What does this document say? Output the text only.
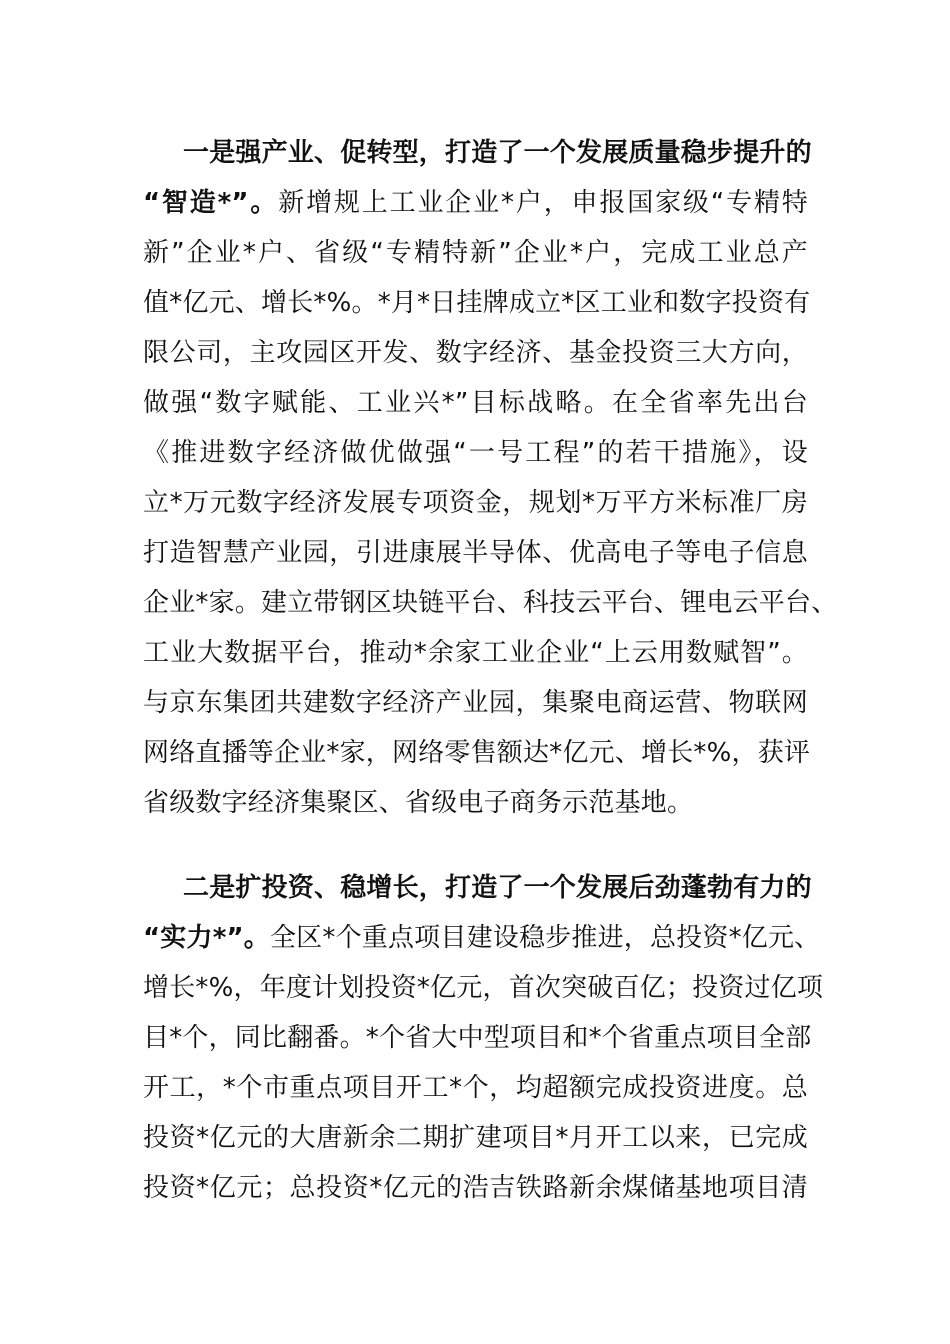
一是强产业、促转型，打造了一个发展质量稳步提升的
“智造*”。新增规上工业企业*户，申报国家级“专精特
新”企业*户、省级“专精特新”企业*户，完成工业总产
值*亿元、增长*%。*月*日挂牌成立*区工业和数字投资有
限公司，主攻园区开发、数字经济、基金投资三大方向，
做强“数字赋能、工业兴*”目标战略。在全省率先出台
《推进数字经济做优做强“一号工程”的若干措施》，设
立*万元数字经济发展专项资金，规划*万平方米标准厂房
打造智慧产业园，引进康展半导体、优高电子等电子信息
企业*家。建立带钢区块链平台、科技云平台、锂电云平台、
工业大数据平台，推动*余家工业企业“上云用数赋智”。
与京东集团共建数字经济产业园，集聚电商运营、物联网
网络直播等企业*家，网络零售额达*亿元、增长*%，获评
省级数字经济集聚区、省级电子商务示范基地。
二是扩投资、稳增长，打造了一个发展后劲蓬勃有力的
“实力*”。全区*个重点项目建设稳步推进，总投资*亿元、
增长*%，年度计划投资*亿元，首次突破百亿；投资过亿项
目*个，同比翻番。*个省大中型项目和*个省重点项目全部
开工，*个市重点项目开工*个，均超额完成投资进度。总
投资*亿元的大唐新余二期扩建项目*月开工以来，已完成
投资*亿元；总投资*亿元的浩吉铁路新余煤储基地项目清
